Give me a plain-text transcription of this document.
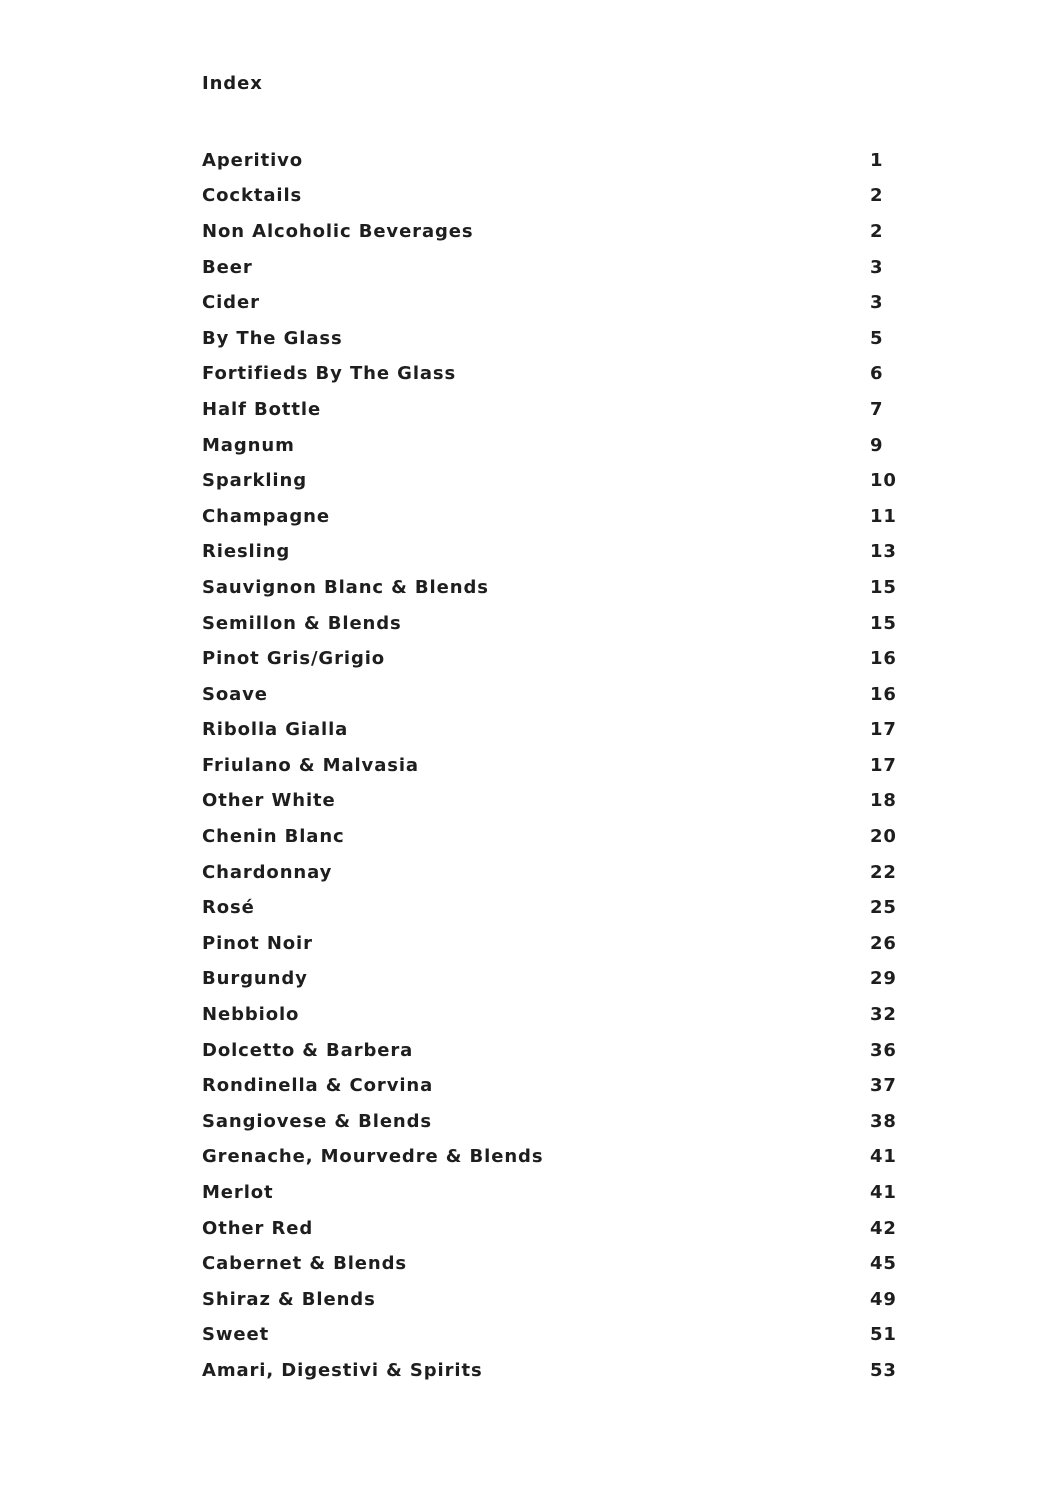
Index
Aperitivo	1
Cocktails	2
Non Alcoholic Beverages	2
Beer	3
Cider	3
By The Glass	5
Fortifieds By The Glass	6
Half Bottle	7
Magnum	9
Sparkling	10
Champagne	11
Riesling	13
Sauvignon Blanc & Blends	15
Semillon & Blends	15
Pinot Gris/Grigio	16
Soave	16
Ribolla Gialla	17
Friulano & Malvasia	17
Other White	18
Chenin Blanc	20
Chardonnay	22
Rosé	25
Pinot Noir	26
Burgundy	29
Nebbiolo	32
Dolcetto & Barbera	36
Rondinella & Corvina	37
Sangiovese & Blends	38
Grenache, Mourvedre & Blends	41
Merlot	41
Other Red	42
Cabernet & Blends	45
Shiraz & Blends	49
Sweet	51
Amari, Digestivi & Spirits	53
